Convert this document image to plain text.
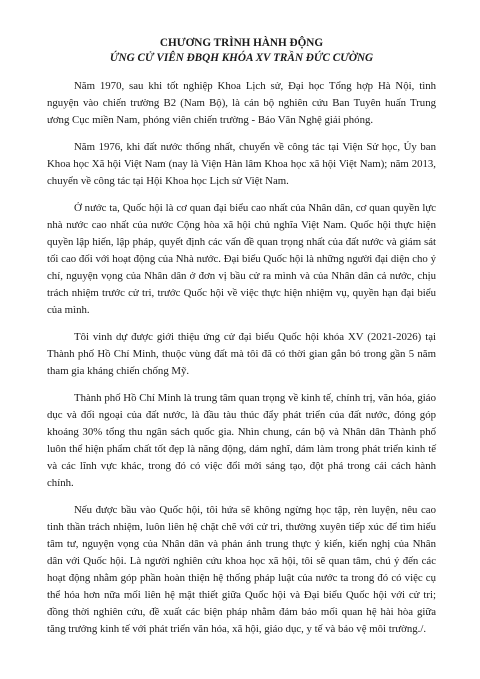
CHƯƠNG TRÌNH HÀNH ĐỘNG
ỨNG CỬ VIÊN ĐBQH KHÓA XV TRẦN ĐỨC CƯỜNG

Năm 1970, sau khi tốt nghiệp Khoa Lịch sử, Đại học Tổng hợp Hà Nội, tình nguyện vào chiến trường B2 (Nam Bộ), là cán bộ nghiên cứu Ban Tuyên huấn Trung ương Cục miền Nam, phóng viên chiến trường - Báo Văn Nghệ giải phóng.

Năm 1976, khi đất nước thống nhất, chuyển về công tác tại Viện Sử học, Ủy ban Khoa học Xã hội Việt Nam (nay là Viện Hàn lâm Khoa học xã hội Việt Nam); năm 2013, chuyển về công tác tại Hội Khoa học Lịch sử Việt Nam.

Ở nước ta, Quốc hội là cơ quan đại biểu cao nhất của Nhân dân, cơ quan quyền lực nhà nước cao nhất của nước Cộng hòa xã hội chủ nghĩa Việt Nam. Quốc hội thực hiện quyền lập hiến, lập pháp, quyết định các vấn đề quan trọng nhất của đất nước và giám sát tối cao đối với hoạt động của Nhà nước. Đại biểu Quốc hội là những người đại diện cho ý chí, nguyện vọng của Nhân dân ở đơn vị bầu cử ra mình và của Nhân dân cả nước, chịu trách nhiệm trước cử tri, trước Quốc hội về việc thực hiện nhiệm vụ, quyền hạn đại biểu của mình.

Tôi vinh dự được giới thiệu ứng cử đại biểu Quốc hội khóa XV (2021-2026) tại Thành phố Hồ Chí Minh, thuộc vùng đất mà tôi đã có thời gian gắn bó trong gần 5 năm tham gia kháng chiến chống Mỹ.

Thành phố Hồ Chí Minh là trung tâm quan trọng về kinh tế, chính trị, văn hóa, giáo dục và đối ngoại của đất nước, là đầu tàu thúc đẩy phát triển của đất nước, đóng góp khoảng 30% tổng thu ngân sách quốc gia. Nhìn chung, cán bộ và Nhân dân Thành phố luôn thể hiện phẩm chất tốt đẹp là năng động, dám nghĩ, dám làm trong phát triển kinh tế và các lĩnh vực khác, trong đó có việc đổi mới sáng tạo, đột phá trong cải cách hành chính.

Nếu được bầu vào Quốc hội, tôi hứa sẽ không ngừng học tập, rèn luyện, nêu cao tinh thần trách nhiệm, luôn liên hệ chặt chẽ với cử tri, thường xuyên tiếp xúc để tìm hiểu tâm tư, nguyện vọng của Nhân dân và phản ánh trung thực ý kiến, kiến nghị của Nhân dân với Quốc hội. Là người nghiên cứu khoa học xã hội, tôi sẽ quan tâm, chú ý đến các hoạt động nhằm góp phần hoàn thiện hệ thống pháp luật của nước ta trong đó có việc cụ thể hóa hơn nữa mối liên hệ mật thiết giữa Quốc hội và Đại biểu Quốc hội với cử tri; đồng thời nghiên cứu, đề xuất các biện pháp nhằm đảm bảo mối quan hệ hài hòa giữa tăng trưởng kinh tế với phát triển văn hóa, xã hội, giáo dục, y tế và bảo vệ môi trường./.
